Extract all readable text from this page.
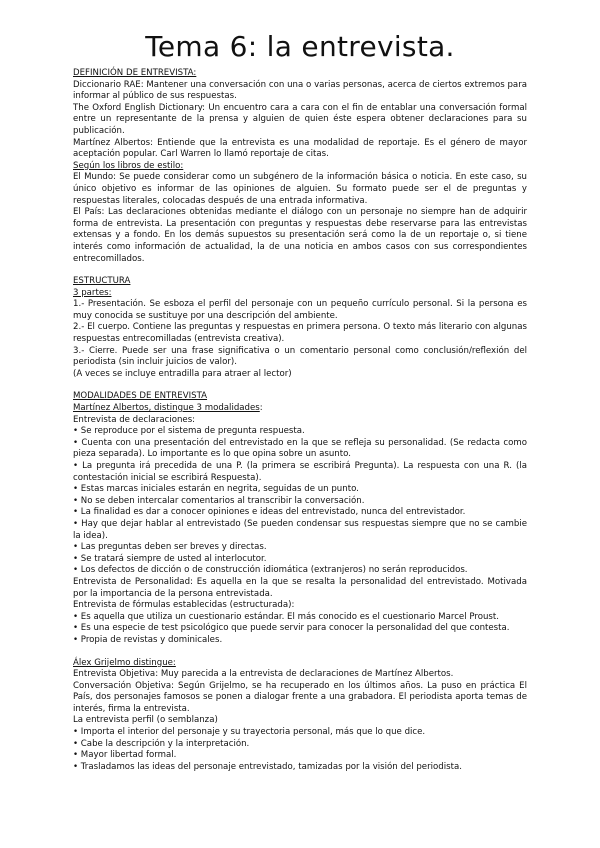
Tema 6: la entrevista.

DEFINICIÓN DE ENTREVISTA:

Diccionario RAE: Mantener una conversación con una o varias personas, acerca de ciertos extremos para informar al público de sus respuestas.

The Oxford English Dictionary: Un encuentro cara a cara con el fin de entablar una conversación formal entre un representante de la prensa y alguien de quien éste espera obtener declaraciones para su publicación.

Martínez Albertos: Entiende que la entrevista es una modalidad de reportaje. Es el género de mayor aceptación popular. Carl Warren lo llamó reportaje de citas.

Según los libros de estilo:

El Mundo: Se puede considerar como un subgénero de la información básica o noticia. En este caso, su único objetivo es informar de las opiniones de alguien. Su formato puede ser el de preguntas y respuestas literales, colocadas después de una entrada informativa.

El País: Las declaraciones obtenidas mediante el diálogo con un personaje no siempre han de adquirir forma de entrevista. La presentación con preguntas y respuestas debe reservarse para las entrevistas extensas y a fondo. En los demás supuestos su presentación será como la de un reportaje o, si tiene interés como información de actualidad, la de una noticia en ambos casos con sus correspondientes entrecomillados.

ESTRUCTURA

3 partes:

1.- Presentación. Se esboza el perfil del personaje con un pequeño currículo personal. Si la persona es muy conocida se sustituye por una descripción del ambiente.

2.- El cuerpo. Contiene las preguntas y respuestas en primera persona. O texto más literario con algunas respuestas entrecomilladas (entrevista creativa).

3.- Cierre. Puede ser una frase significativa o un comentario personal como conclusión/reflexión del periodista (sin incluir juicios de valor).

(A veces se incluye entradilla para atraer al lector)

MODALIDADES DE ENTREVISTA

Martínez Albertos, distingue 3 modalidades:

Entrevista de declaraciones:

• Se reproduce por el sistema de pregunta respuesta.

• Cuenta con una presentación del entrevistado en la que se refleja su personalidad. (Se redacta como pieza separada). Lo importante es lo que opina sobre un asunto.

• La pregunta irá precedida de una P. (la primera se escribirá Pregunta). La respuesta con una R. (la contestación inicial se escribirá Respuesta).

• Estas marcas iniciales estarán en negrita, seguidas de un punto.

• No se deben intercalar comentarios al transcribir la conversación.

• La finalidad es dar a conocer opiniones e ideas del entrevistado, nunca del entrevistador.

• Hay que dejar hablar al entrevistado (Se pueden condensar sus respuestas siempre que no se cambie la idea).

• Las preguntas deben ser breves y directas.

• Se tratará siempre de usted al interlocutor.

• Los defectos de dicción o de construcción idiomática (extranjeros) no serán reproducidos.

Entrevista de Personalidad: Es aquella en la que se resalta la personalidad del entrevistado. Motivada por la importancia de la persona entrevistada.

Entrevista de fórmulas establecidas (estructurada):

• Es aquella que utiliza un cuestionario estándar. El más conocido es el cuestionario Marcel Proust.

• Es una especie de test psicológico que puede servir para conocer la personalidad del que contesta.

• Propia de revistas y dominicales.

Álex Grijelmo distingue:

Entrevista Objetiva: Muy parecida a la entrevista de declaraciones de Martínez Albertos.

Conversación Objetiva: Según Grijelmo, se ha recuperado en los últimos años. La puso en práctica El País, dos personajes famosos se ponen a dialogar frente a una grabadora. El periodista aporta temas de interés, firma la entrevista.

La entrevista perfil (o semblanza)

• Importa el interior del personaje y su trayectoria personal, más que lo que dice.

• Cabe la descripción y la interpretación.

• Mayor libertad formal.

• Trasladamos las ideas del personaje entrevistado, tamizadas por la visión del periodista.
